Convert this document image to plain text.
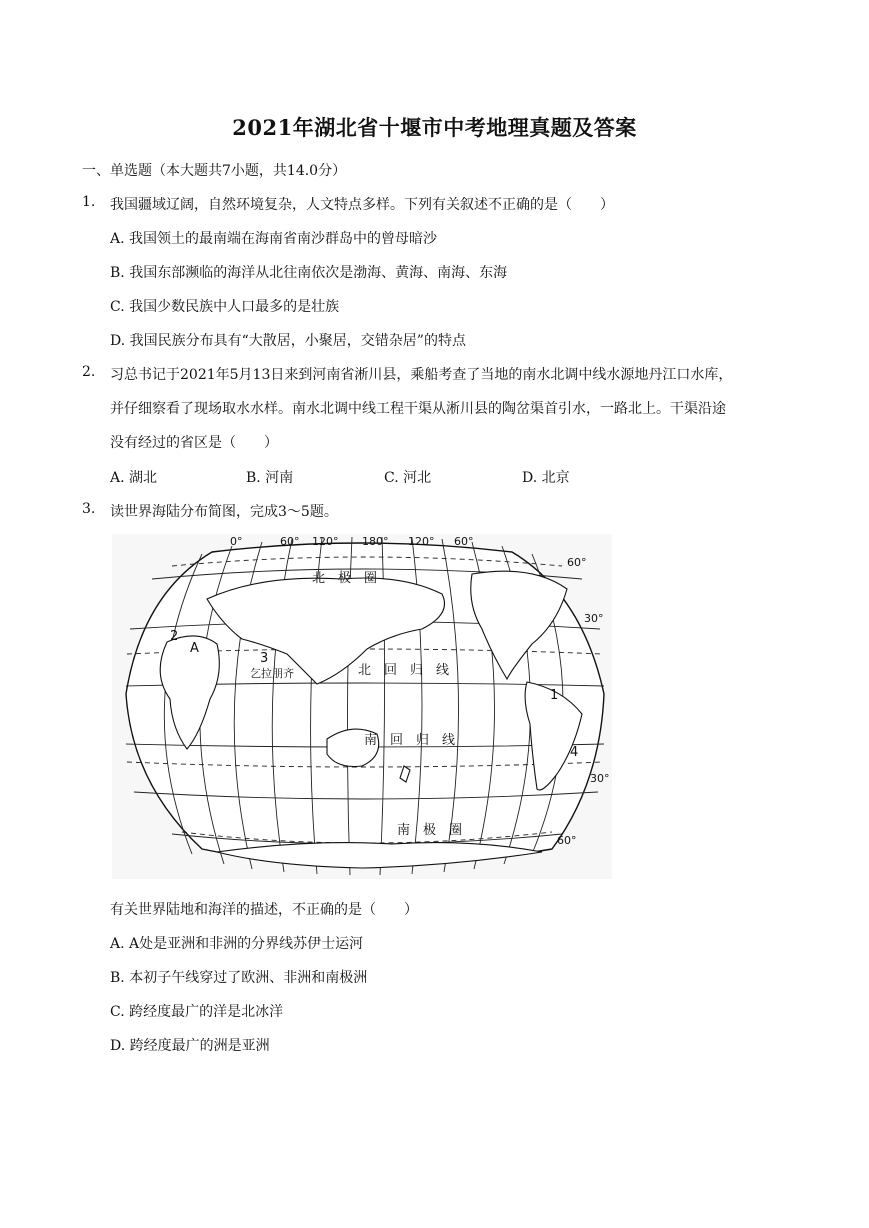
2021年湖北省十堰市中考地理真题及答案
一、单选题（本大题共7小题，共14.0分）
1. 我国疆域辽阔，自然环境复杂，人文特点多样。下列有关叙述不正确的是（　　）
A. 我国领土的最南端在海南省南沙群岛中的曾母暗沙
B. 我国东部濒临的海洋从北往南依次是渤海、黄海、南海、东海
C. 我国少数民族中人口最多的是壮族
D. 我国民族分布具有“大散居，小聚居，交错杂居”的特点
2. 习总书记于2021年5月13日来到河南省淅川县，乘船考查了当地的南水北调中线水源地丹江口水库，
并仔细察看了现场取水水样。南水北调中线工程干渠从淅川县的陶岔渠首引水，一路北上。干渠沿途
没有经过的省区是（　　）
A. 湖北	B. 河南	C. 河北	D. 北京
3. 读世界海陆分布简图，完成3～5题。
0°	60° 120° 180° 120° 60°
60°
30°
30°
60°
北　极　圈
北　回　归　线
南　回　归　线
南　极　圈
A
1
2
3
4
乞拉朋齐
有关世界陆地和海洋的描述，不正确的是（　　）
A. A处是亚洲和非洲的分界线苏伊士运河
B. 本初子午线穿过了欧洲、非洲和南极洲
C. 跨经度最广的洋是北冰洋
D. 跨经度最广的洲是亚洲
